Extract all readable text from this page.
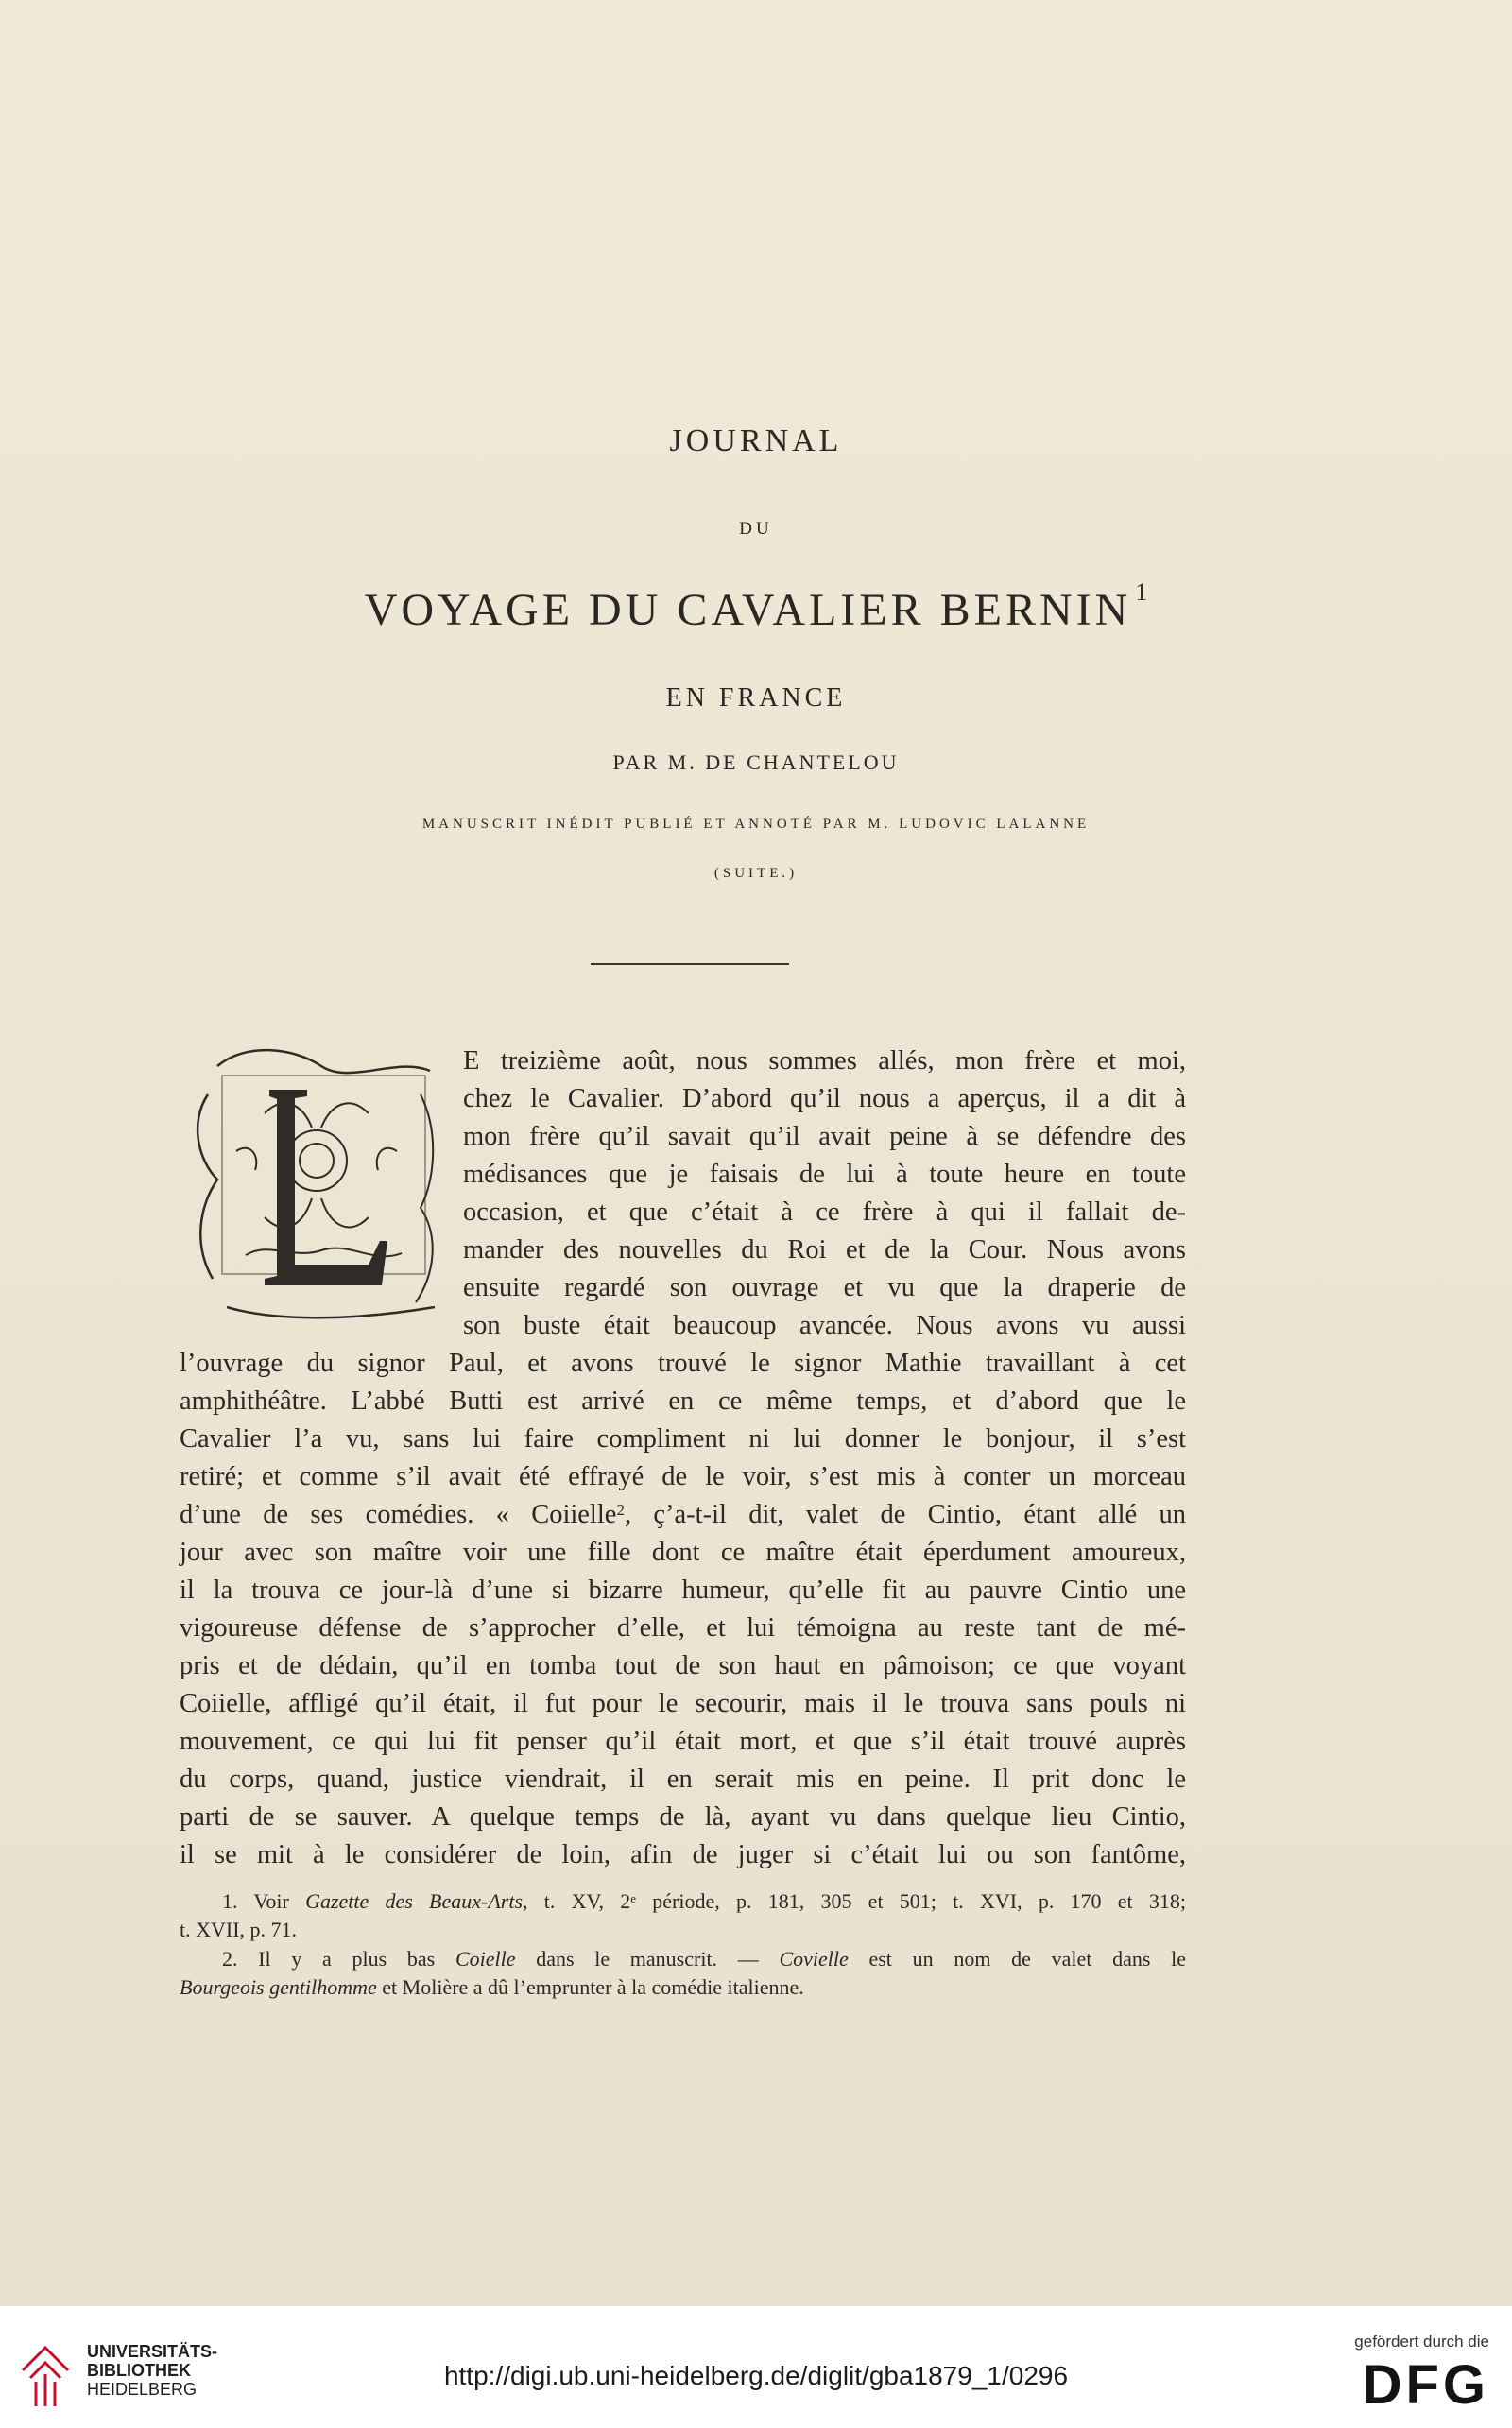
JOURNAL
DU
VOYAGE DU CAVALIER BERNIN $^1$
EN FRANCE
PAR M. DE CHANTELOU
MANUSCRIT INÉDIT PUBLIÉ ET ANNOTÉ PAR M. LUDOVIC LALANNE
(SUITE.)
E treizième août, nous sommes allés, mon frère et moi,
chez le Cavalier. D’abord qu’il nous a aperçus, il a dit à
mon frère qu’il savait qu’il avait peine à se défendre des
médisances que je faisais de lui à toute heure en toute
occasion, et que c’était à ce frère à qui il fallait de-
mander des nouvelles du Roi et de la Cour. Nous avons
ensuite regardé son ouvrage et vu que la draperie de
son buste était beaucoup avancée. Nous avons vu aussi
l’ouvrage du signor Paul, et avons trouvé le signor Mathie travaillant à cet
amphithéâtre. L’abbé Butti est arrivé en ce même temps, et d’abord que le
Cavalier l’a vu, sans lui faire compliment ni lui donner le bonjour, il s’est
retiré; et comme s’il avait été effrayé de le voir, s’est mis à conter un morceau
d’une de ses comédies. « Coiielle$^2$, ç’a-t-il dit, valet de Cintio, étant allé un
jour avec son maître voir une fille dont ce maître était éperdument amoureux,
il la trouva ce jour-là d’une si bizarre humeur, qu’elle fit au pauvre Cintio une
vigoureuse défense de s’approcher d’elle, et lui témoigna au reste tant de mé-
pris et de dédain, qu’il en tomba tout de son haut en pâmoison; ce que voyant
Coiielle, affligé qu’il était, il fut pour le secourir, mais il le trouva sans pouls ni
mouvement, ce qui lui fit penser qu’il était mort, et que s’il était trouvé auprès
du corps, quand, justice viendrait, il en serait mis en peine. Il prit donc le
parti de se sauver. A quelque temps de là, ayant vu dans quelque lieu Cintio,
il se mit à le considérer de loin, afin de juger si c’était lui ou son fantôme,
1. Voir Gazette des Beaux-Arts, t. XV, 2e période, p. 181, 305 et 501; t. XVI, p. 170 et 318;
t. XVII, p. 71.
2. Il y a plus bas Coielle dans le manuscrit. — Covielle est un nom de valet dans le
Bourgeois gentilhomme et Molière a dû l’emprunter à la comédie italienne.
UNIVERSITÄTS-
BIBLIOTHEK
HEIDELBERG	http://digi.ub.uni-heidelberg.de/diglit/gba1879_1/0296
gefördert durch die
DFG
